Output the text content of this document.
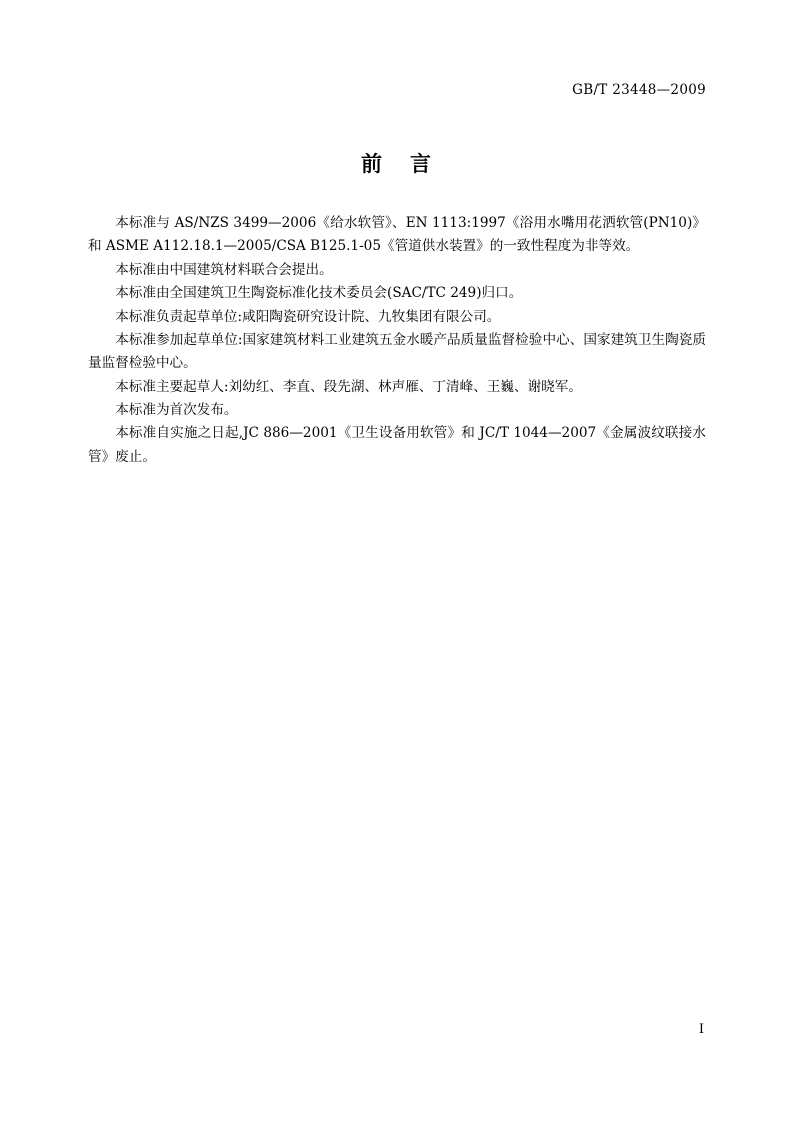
GB/T 23448—2009
前 言

本标准与 AS/NZS 3499—2006《给水软管》、EN 1113:1997《浴用水嘴用花洒软管(PN10)》和 ASME A112.18.1—2005/CSA B125.1-05《管道供水装置》的一致性程度为非等效。

本标准由中国建筑材料联合会提出。

本标准由全国建筑卫生陶瓷标准化技术委员会(SAC/TC 249)归口。

本标准负责起草单位:咸阳陶瓷研究设计院、九牧集团有限公司。

本标准参加起草单位:国家建筑材料工业建筑五金水暖产品质量监督检验中心、国家建筑卫生陶瓷质量监督检验中心。

本标准主要起草人:刘幼红、李直、段先湖、林声雁、丁清峰、王巍、谢晓军。

本标准为首次发布。

本标准自实施之日起,JC 886—2001《卫生设备用软管》和 JC/T 1044—2007《金属波纹联接水管》废止。

I
